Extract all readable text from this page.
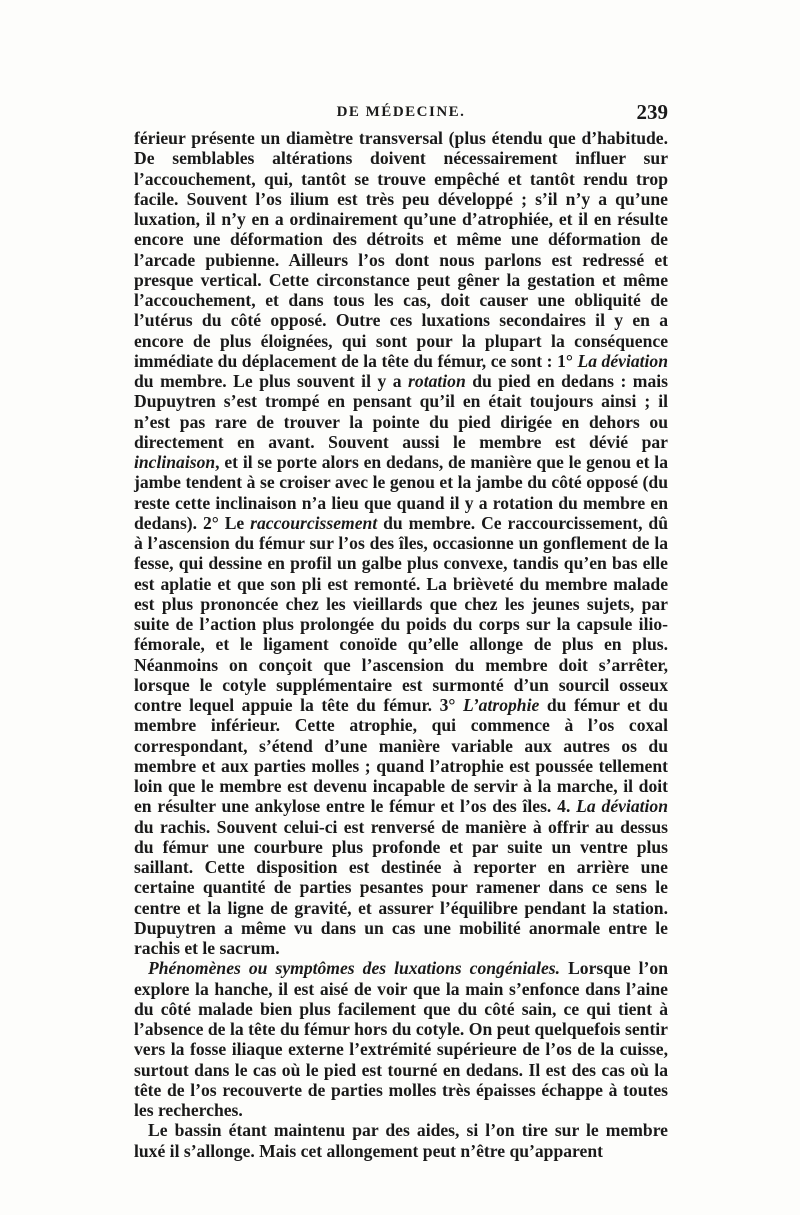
DE MÉDECINE.	239

férieur présente un diamètre transversal (plus étendu que d’habitude. De semblables altérations doivent nécessairement influer sur l’accouchement, qui, tantôt se trouve empêché et tantôt rendu trop facile. Souvent l’os ilium est très peu développé ; s’il n’y a qu’une luxation, il n’y en a ordinairement qu’une d’atrophiée, et il en résulte encore une déformation des détroits et même une déformation de l’arcade pubienne. Ailleurs l’os dont nous parlons est redressé et presque vertical. Cette circonstance peut gêner la gestation et même l’accouchement, et dans tous les cas, doit causer une obliquité de l’utérus du côté opposé. Outre ces luxations secondaires il y en a encore de plus éloignées, qui sont pour la plupart la conséquence immédiate du déplacement de la tête du fémur, ce sont : 1° La déviation du membre. Le plus souvent il y a rotation du pied en dedans : mais Dupuytren s’est trompé en pensant qu’il en était toujours ainsi ; il n’est pas rare de trouver la pointe du pied dirigée en dehors ou directement en avant. Souvent aussi le membre est dévié par inclinaison, et il se porte alors en dedans, de manière que le genou et la jambe tendent à se croiser avec le genou et la jambe du côté opposé (du reste cette inclinaison n’a lieu que quand il y a rotation du membre en dedans). 2° Le raccourcissement du membre. Ce raccourcissement, dû à l’ascension du fémur sur l’os des îles, occasionne un gonflement de la fesse, qui dessine en profil un galbe plus convexe, tandis qu’en bas elle est aplatie et que son pli est remonté. La brièveté du membre malade est plus prononcée chez les vieillards que chez les jeunes sujets, par suite de l’action plus prolongée du poids du corps sur la capsule ilio-fémorale, et le ligament conoïde qu’elle allonge de plus en plus. Néanmoins on conçoit que l’ascension du membre doit s’arrêter, lorsque le cotyle supplémentaire est surmonté d’un sourcil osseux contre lequel appuie la tête du fémur. 3° L’atrophie du fémur et du membre inférieur. Cette atrophie, qui commence à l’os coxal correspondant, s’étend d’une manière variable aux autres os du membre et aux parties molles ; quand l’atrophie est poussée tellement loin que le membre est devenu incapable de servir à la marche, il doit en résulter une ankylose entre le fémur et l’os des îles. 4. La déviation du rachis. Souvent celui-ci est renversé de manière à offrir au dessus du fémur une courbure plus profonde et par suite un ventre plus saillant. Cette disposition est destinée à reporter en arrière une certaine quantité de parties pesantes pour ramener dans ce sens le centre et la ligne de gravité, et assurer l’équilibre pendant la station. Dupuytren a même vu dans un cas une mobilité anormale entre le rachis et le sacrum.

Phénomènes ou symptômes des luxations congéniales. Lorsque l’on explore la hanche, il est aisé de voir que la main s’enfonce dans l’aine du côté malade bien plus facilement que du côté sain, ce qui tient à l’absence de la tête du fémur hors du cotyle. On peut quelquefois sentir vers la fosse iliaque externe l’extrémité supérieure de l’os de la cuisse, surtout dans le cas où le pied est tourné en dedans. Il est des cas où la tête de l’os recouverte de parties molles très épaisses échappe à toutes les recherches.

Le bassin étant maintenu par des aides, si l’on tire sur le membre luxé il s’allonge. Mais cet allongement peut n’être qu’apparent
